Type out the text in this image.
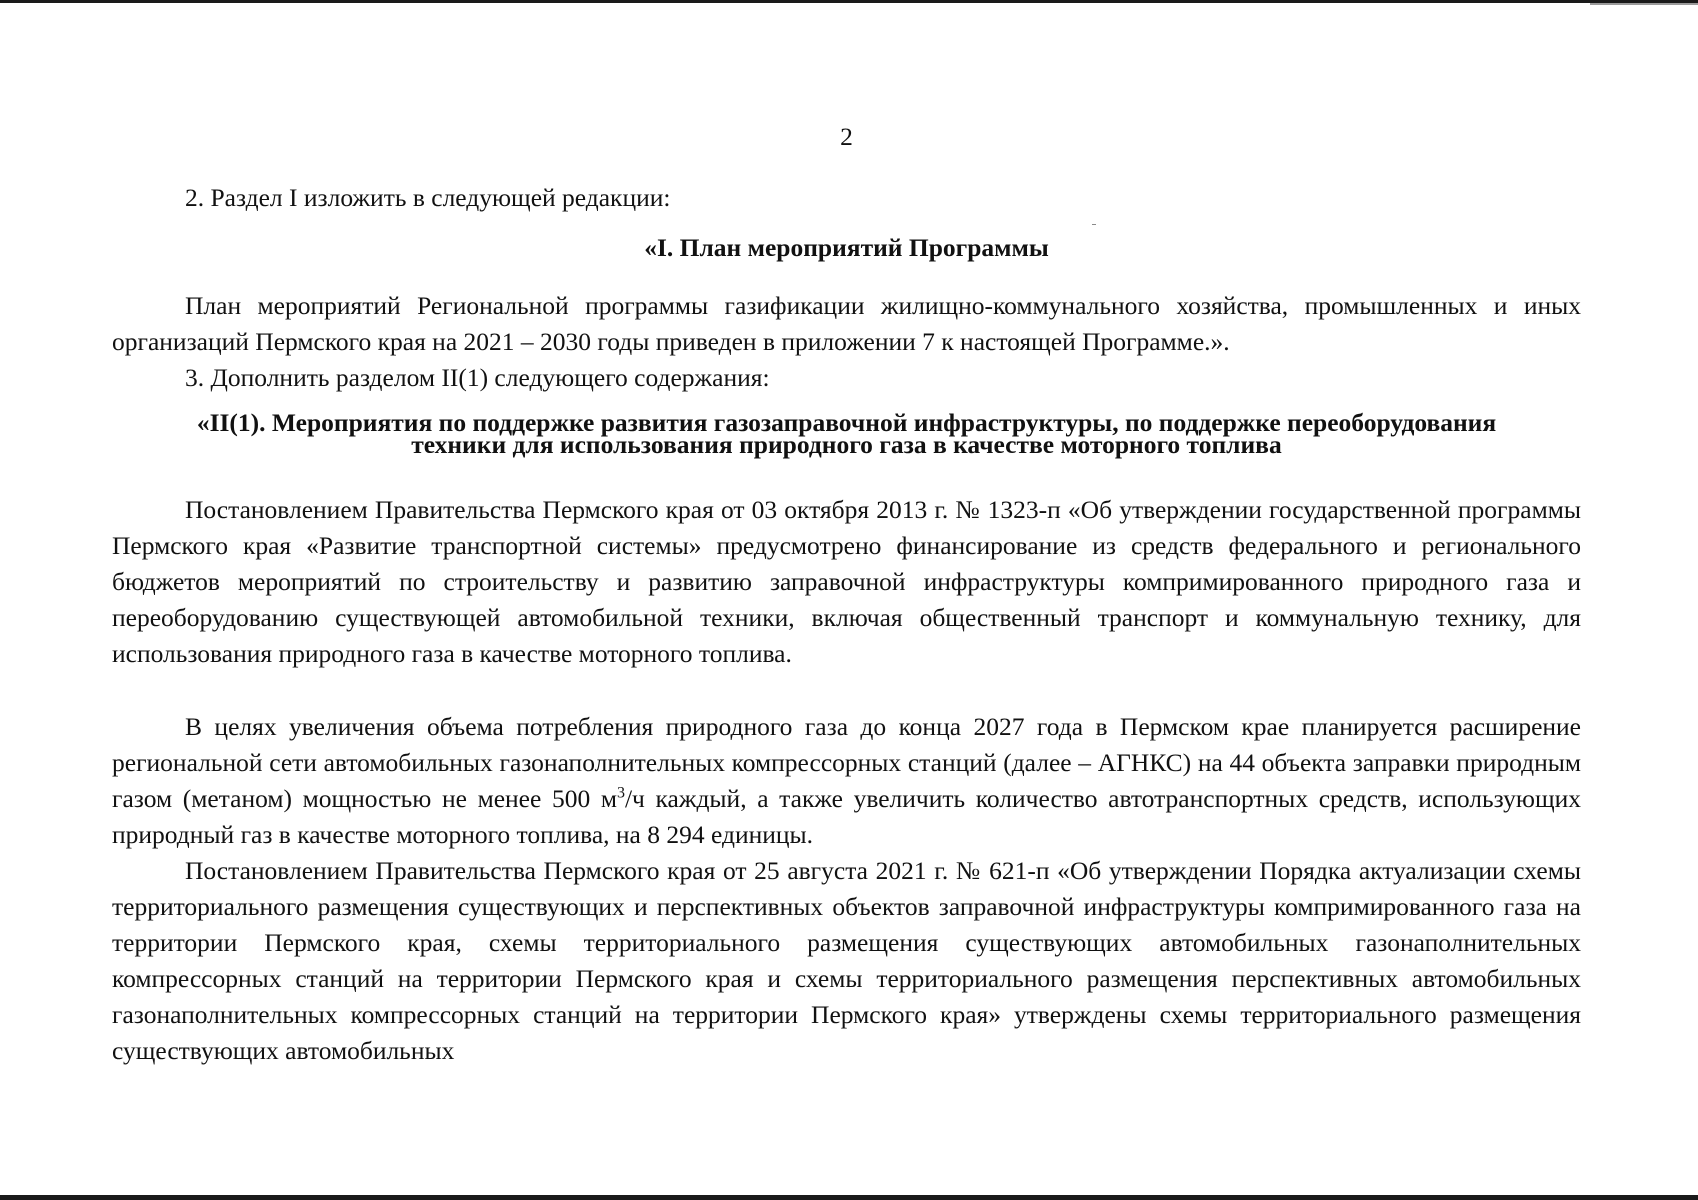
2

2. Раздел I изложить в следующей редакции:

«I. План мероприятий Программы

План мероприятий Региональной программы газификации жилищно-коммунального хозяйства, промышленных и иных организаций Пермского края на 2021 – 2030 годы приведен в приложении 7 к настоящей Программе.».

3. Дополнить разделом II(1) следующего содержания:

«II(1). Мероприятия по поддержке развития газозаправочной инфраструктуры, по поддержке переоборудования
техники для использования природного газа в качестве моторного топлива

Постановлением Правительства Пермского края от 03 октября 2013 г. № 1323-п «Об утверждении государственной программы Пермского края «Развитие транспортной системы» предусмотрено финансирование из средств федерального и регионального бюджетов мероприятий по строительству и развитию заправочной инфраструктуры компримированного природного газа и переоборудованию существующей автомобильной техники, включая общественный транспорт и коммунальную технику, для использования природного газа в качестве моторного топлива.

В целях увеличения объема потребления природного газа до конца 2027 года в Пермском крае планируется расширение региональной сети автомобильных газонаполнительных компрессорных станций (далее – АГНКС) на 44 объекта заправки природным газом (метаном) мощностью не менее 500 $м^3/ч$ каждый, а также увеличить количество автотранспортных средств, использующих природный газ в качестве моторного топлива, на 8 294 единицы.

Постановлением Правительства Пермского края от 25 августа 2021 г. № 621-п «Об утверждении Порядка актуализации схемы территориального размещения существующих и перспективных объектов заправочной инфраструктуры компримированного газа на территории Пермского края, схемы территориального размещения существующих автомобильных газонаполнительных компрессорных станций на территории Пермского края и схемы территориального размещения перспективных автомобильных газонаполнительных компрессорных станций на территории Пермского края» утверждены схемы территориального размещения существующих автомобильных
